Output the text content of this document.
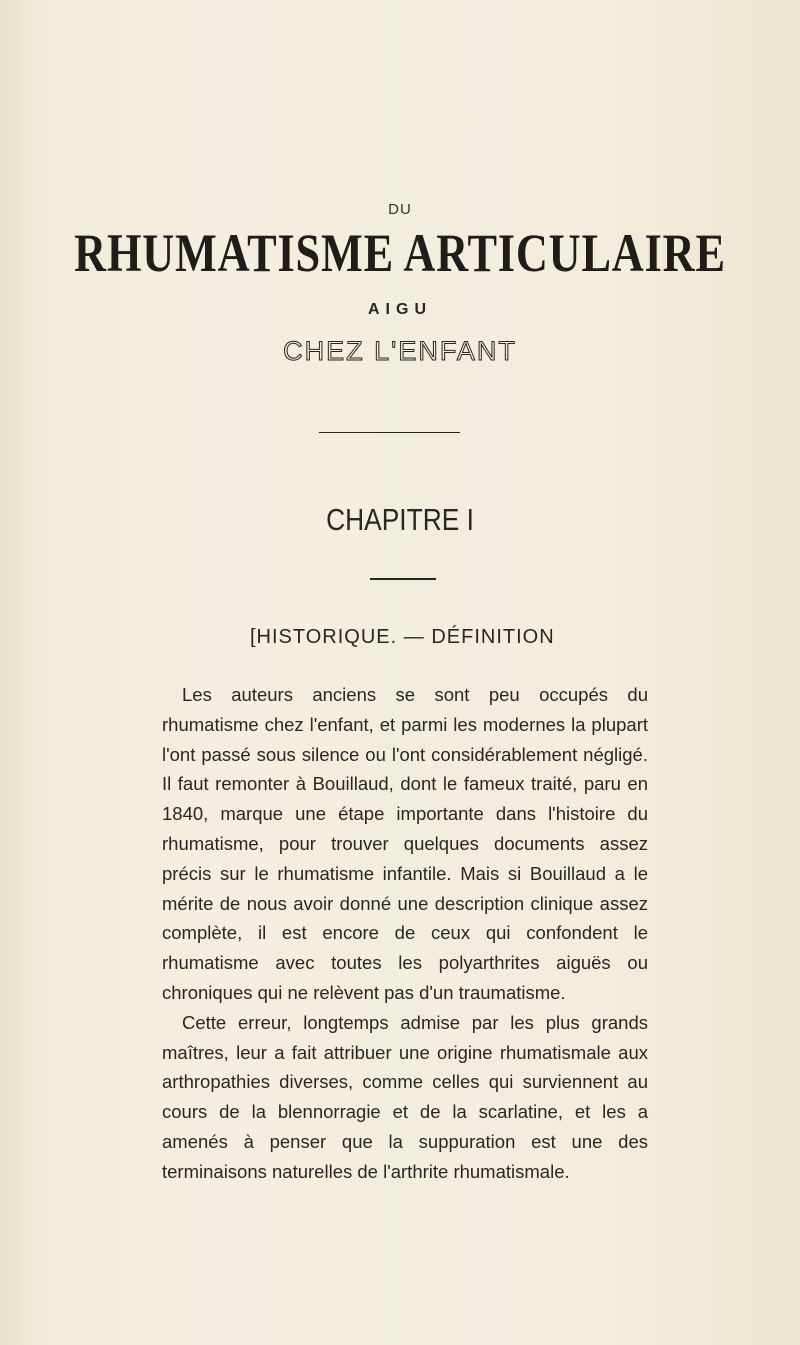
DU
RHUMATISME ARTICULAIRE
AIGU
CHEZ L'ENFANT
CHAPITRE I
[HISTORIQUE. — DÉFINITION

Les auteurs anciens se sont peu occupés du rhumatisme chez l'enfant, et parmi les modernes la plupart l'ont passé sous silence ou l'ont considérablement négligé. Il faut remonter à Bouillaud, dont le fameux traité, paru en 1840, marque une étape importante dans l'histoire du rhumatisme, pour trouver quelques documents assez précis sur le rhumatisme infantile. Mais si Bouillaud a le mérite de nous avoir donné une description clinique assez complète, il est encore de ceux qui confondent le rhumatisme avec toutes les polyarthrites aiguës ou chroniques qui ne relèvent pas d'un traumatisme.

Cette erreur, longtemps admise par les plus grands maîtres, leur a fait attribuer une origine rhumatismale aux arthropathies diverses, comme celles qui surviennent au cours de la blennorragie et de la scarlatine, et les a amenés à penser que la suppuration est une des terminaisons naturelles de l'arthrite rhumatismale.
